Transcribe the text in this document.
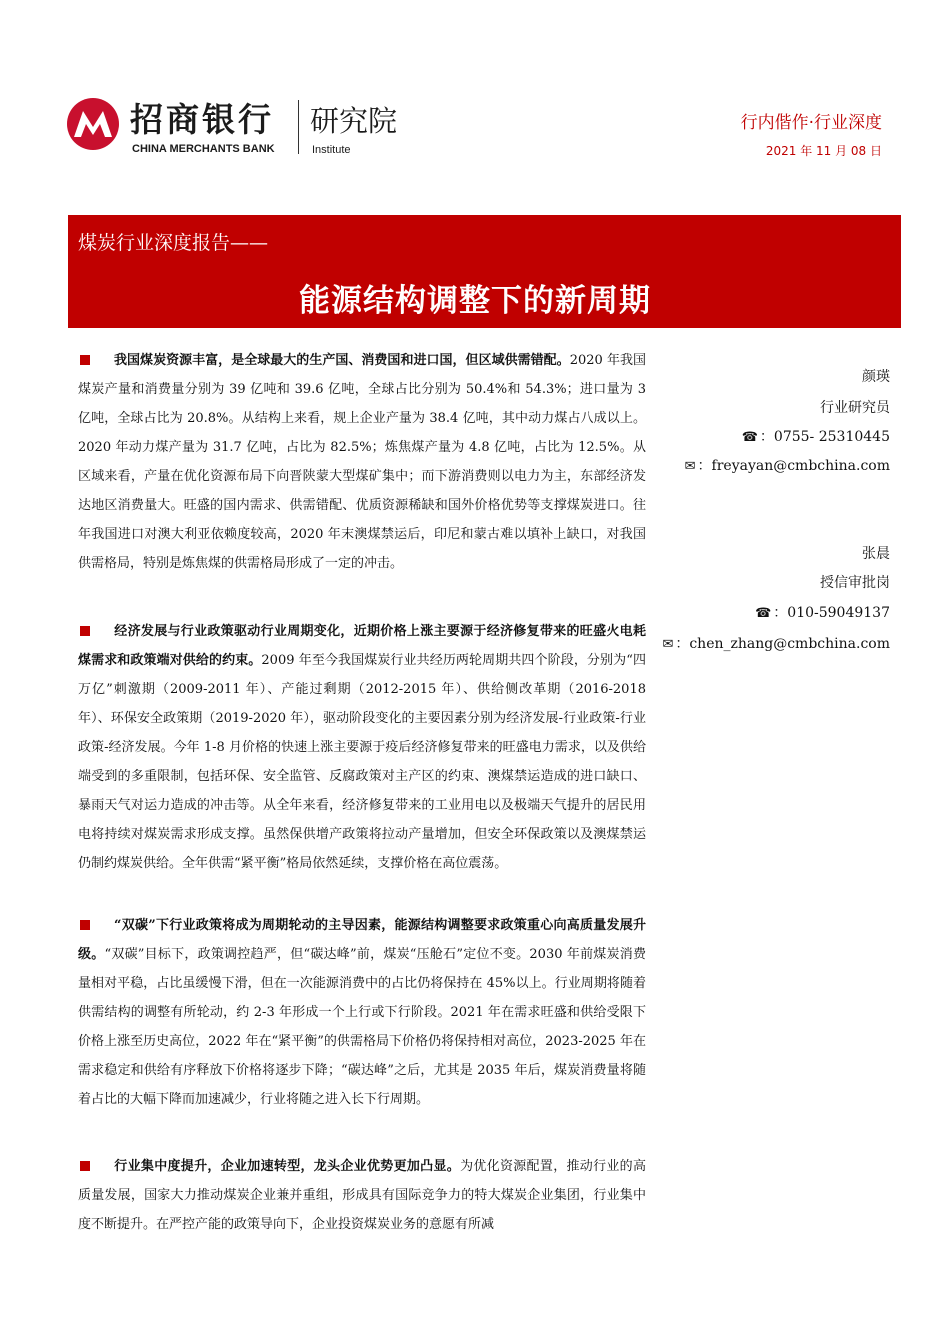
招商银行
CHINA MERCHANTS BANK
研究院
Institute
行内偕作·行业深度
2021 年 11 月 08 日
煤炭行业深度报告——
能源结构调整下的新周期
我国煤炭资源丰富，是全球最大的生产国、消费国和进口国，但区域供需错配。2020 年我国煤炭产量和消费量分别为 39 亿吨和 39.6 亿吨，全球占比分别为 50.4%和 54.3%；进口量为 3 亿吨，全球占比为 20.8%。从结构上来看，规上企业产量为 38.4 亿吨，其中动力煤占八成以上。2020 年动力煤产量为 31.7 亿吨，占比为 82.5%；炼焦煤产量为 4.8 亿吨，占比为 12.5%。从区域来看，产量在优化资源布局下向晋陕蒙大型煤矿集中；而下游消费则以电力为主，东部经济发达地区消费量大。旺盛的国内需求、供需错配、优质资源稀缺和国外价格优势等支撑煤炭进口。往年我国进口对澳大利亚依赖度较高，2020 年末澳煤禁运后，印尼和蒙古难以填补上缺口，对我国供需格局，特别是炼焦煤的供需格局形成了一定的冲击。
经济发展与行业政策驱动行业周期变化，近期价格上涨主要源于经济修复带来的旺盛火电耗煤需求和政策端对供给的约束。2009 年至今我国煤炭行业共经历两轮周期共四个阶段，分别为“四万亿”刺激期（2009-2011 年）、产能过剩期（2012-2015 年）、供给侧改革期（2016-2018 年）、环保安全政策期（2019-2020 年），驱动阶段变化的主要因素分别为经济发展-行业政策-行业政策-经济发展。今年 1-8 月价格的快速上涨主要源于疫后经济修复带来的旺盛电力需求，以及供给端受到的多重限制，包括环保、安全监管、反腐政策对主产区的约束、澳煤禁运造成的进口缺口、暴雨天气对运力造成的冲击等。从全年来看，经济修复带来的工业用电以及极端天气提升的居民用电将持续对煤炭需求形成支撑。虽然保供增产政策将拉动产量增加，但安全环保政策以及澳煤禁运仍制约煤炭供给。全年供需“紧平衡”格局依然延续，支撑价格在高位震荡。
“双碳”下行业政策将成为周期轮动的主导因素，能源结构调整要求政策重心向高质量发展升级。“双碳”目标下，政策调控趋严，但“碳达峰”前，煤炭“压舱石”定位不变。2030 年前煤炭消费量相对平稳，占比虽缓慢下滑，但在一次能源消费中的占比仍将保持在 45%以上。行业周期将随着供需结构的调整有所轮动，约 2-3 年形成一个上行或下行阶段。2021 年在需求旺盛和供给受限下价格上涨至历史高位，2022 年在“紧平衡”的供需格局下价格仍将保持相对高位，2023-2025 年在需求稳定和供给有序释放下价格将逐步下降；“碳达峰”之后，尤其是 2035 年后，煤炭消费量将随着占比的大幅下降而加速减少，行业将随之进入长下行周期。
行业集中度提升，企业加速转型，龙头企业优势更加凸显。为优化资源配置，推动行业的高质量发展，国家大力推动煤炭企业兼并重组，形成具有国际竞争力的特大煤炭企业集团，行业集中度不断提升。在严控产能的政策导向下，企业投资煤炭业务的意愿有所减
颜瑛
行业研究员
☎ ：0755- 25310445
✉ ：freyayan@cmbchina.com
张晨
授信审批岗
☎ ：010-59049137
✉ ：chen_zhang@cmbchina.com
